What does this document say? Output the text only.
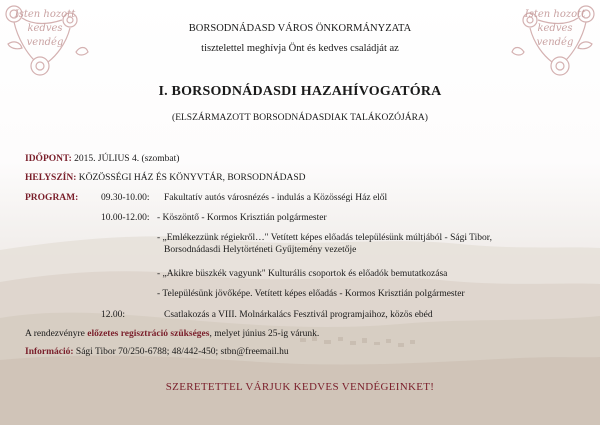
Isten hozott
kedves
vendég
Isten hozott
kedves
vendég
BORSODNÁDASD VÁROS ÖNKORMÁNYZATA
tisztelettel meghívja Önt és kedves családját az
I. BORSODNÁDASDI HAZAHÍVOGATÓRA
(ELSZÁRMAZOTT BORSODNÁDASDIAK TALÁKOZÓJÁRA)
IDŐPONT: 2015. JÚLIUS 4. (szombat)
HELYSZÍN: KÖZÖSSÉGI HÁZ ÉS KÖNYVTÁR, BORSODNÁDASD
PROGRAM: 09.30-10.00: Fakultatív autós városnézés - indulás a Közösségi Ház elől
10.00-12.00: - Köszöntő - Kormos Krisztián polgármester
- „Emlékezzünk régiekről…" Vetített képes előadás településünk múltjából - Sági Tibor,
Borsodnádasdi Helytörténeti Gyűjtemény vezetője
- „Akikre büszkék vagyunk" Kulturális csoportok és előadók bemutatkozása
- Településünk jövőképe. Vetített képes előadás - Kormos Krisztián polgármester
12.00:	Csatlakozás a VIII. Molnárkalács Fesztivál programjaihoz, közös ebéd
A rendezvényre előzetes regisztráció szükséges, melyet június 25-ig várunk.
Információ: Sági Tibor 70/250-6788; 48/442-450; stbn@freemail.hu
SZERETETTEL VÁRJUK KEDVES VENDÉGEINKET!
